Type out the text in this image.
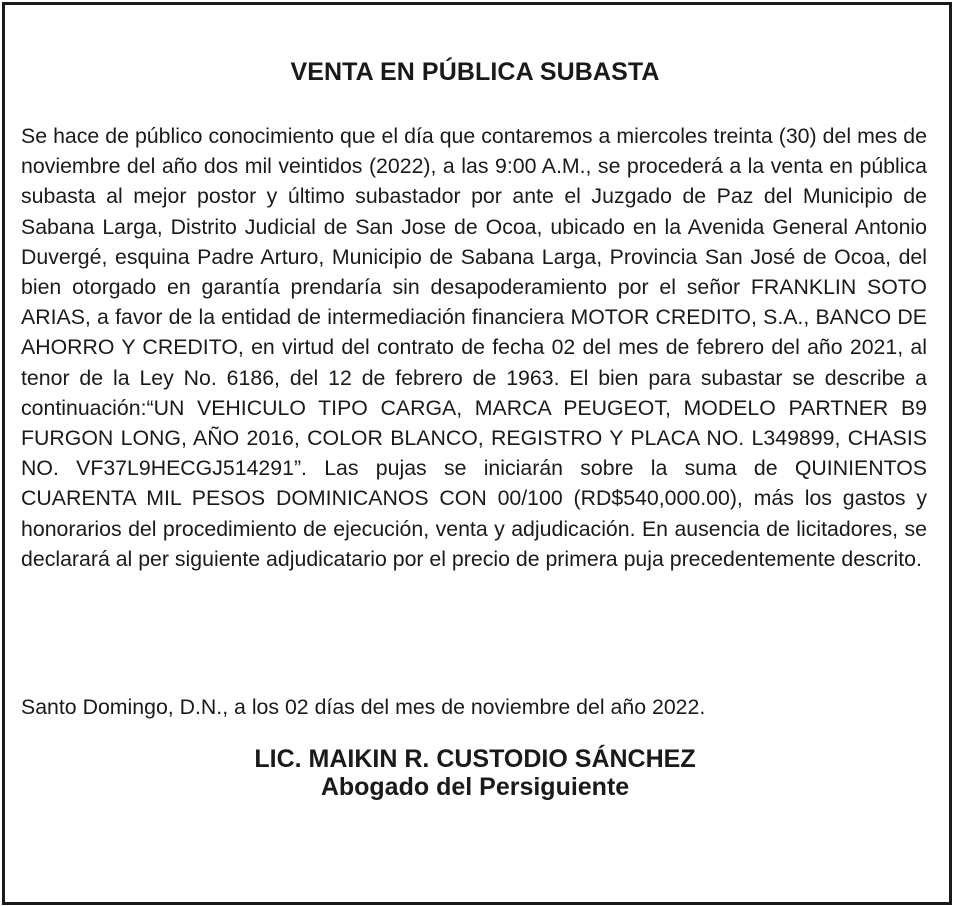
VENTA EN PÚBLICA SUBASTA

Se hace de público conocimiento que el día que contaremos a miercoles treinta (30) del mes de noviembre del año dos mil veintidos (2022), a las 9:00 A.M., se procederá a la venta en pública subasta al mejor postor y último subastador por ante el Juzgado de Paz del Municipio de Sabana Larga, Distrito Judicial de San Jose de Ocoa, ubicado en la Avenida General Antonio Duvergé, esquina Padre Arturo, Municipio de Sabana Larga, Provincia San José de Ocoa, del bien otorgado en garantía prendaría sin desapoderamiento por el señor FRANKLIN SOTO ARIAS, a favor de la entidad de intermediación financiera MOTOR CREDITO, S.A., BANCO DE AHORRO Y CREDITO, en virtud del contrato de fecha 02 del mes de febrero del año 2021, al tenor de la Ley No. 6186, del 12 de febrero de 1963. El bien para subastar se describe a continuación:“UN VEHICULO TIPO CARGA, MARCA PEUGEOT, MODELO PARTNER B9 FURGON LONG, AÑO 2016, COLOR BLANCO, REGISTRO Y PLACA NO. L349899, CHASIS NO. VF37L9HECGJ514291”. Las pujas se iniciarán sobre la suma de QUINIENTOS CUARENTA MIL PESOS DOMINICANOS CON 00/100 (RD$540,000.00), más los gastos y honorarios del procedimiento de ejecución, venta y adjudicación. En ausencia de licitadores, se declarará al per siguiente adjudicatario por el precio de primera puja precedentemente descrito.

Santo Domingo, D.N., a los 02 días del mes de noviembre del año 2022.

LIC. MAIKIN R. CUSTODIO SÁNCHEZ
Abogado del Persiguiente
